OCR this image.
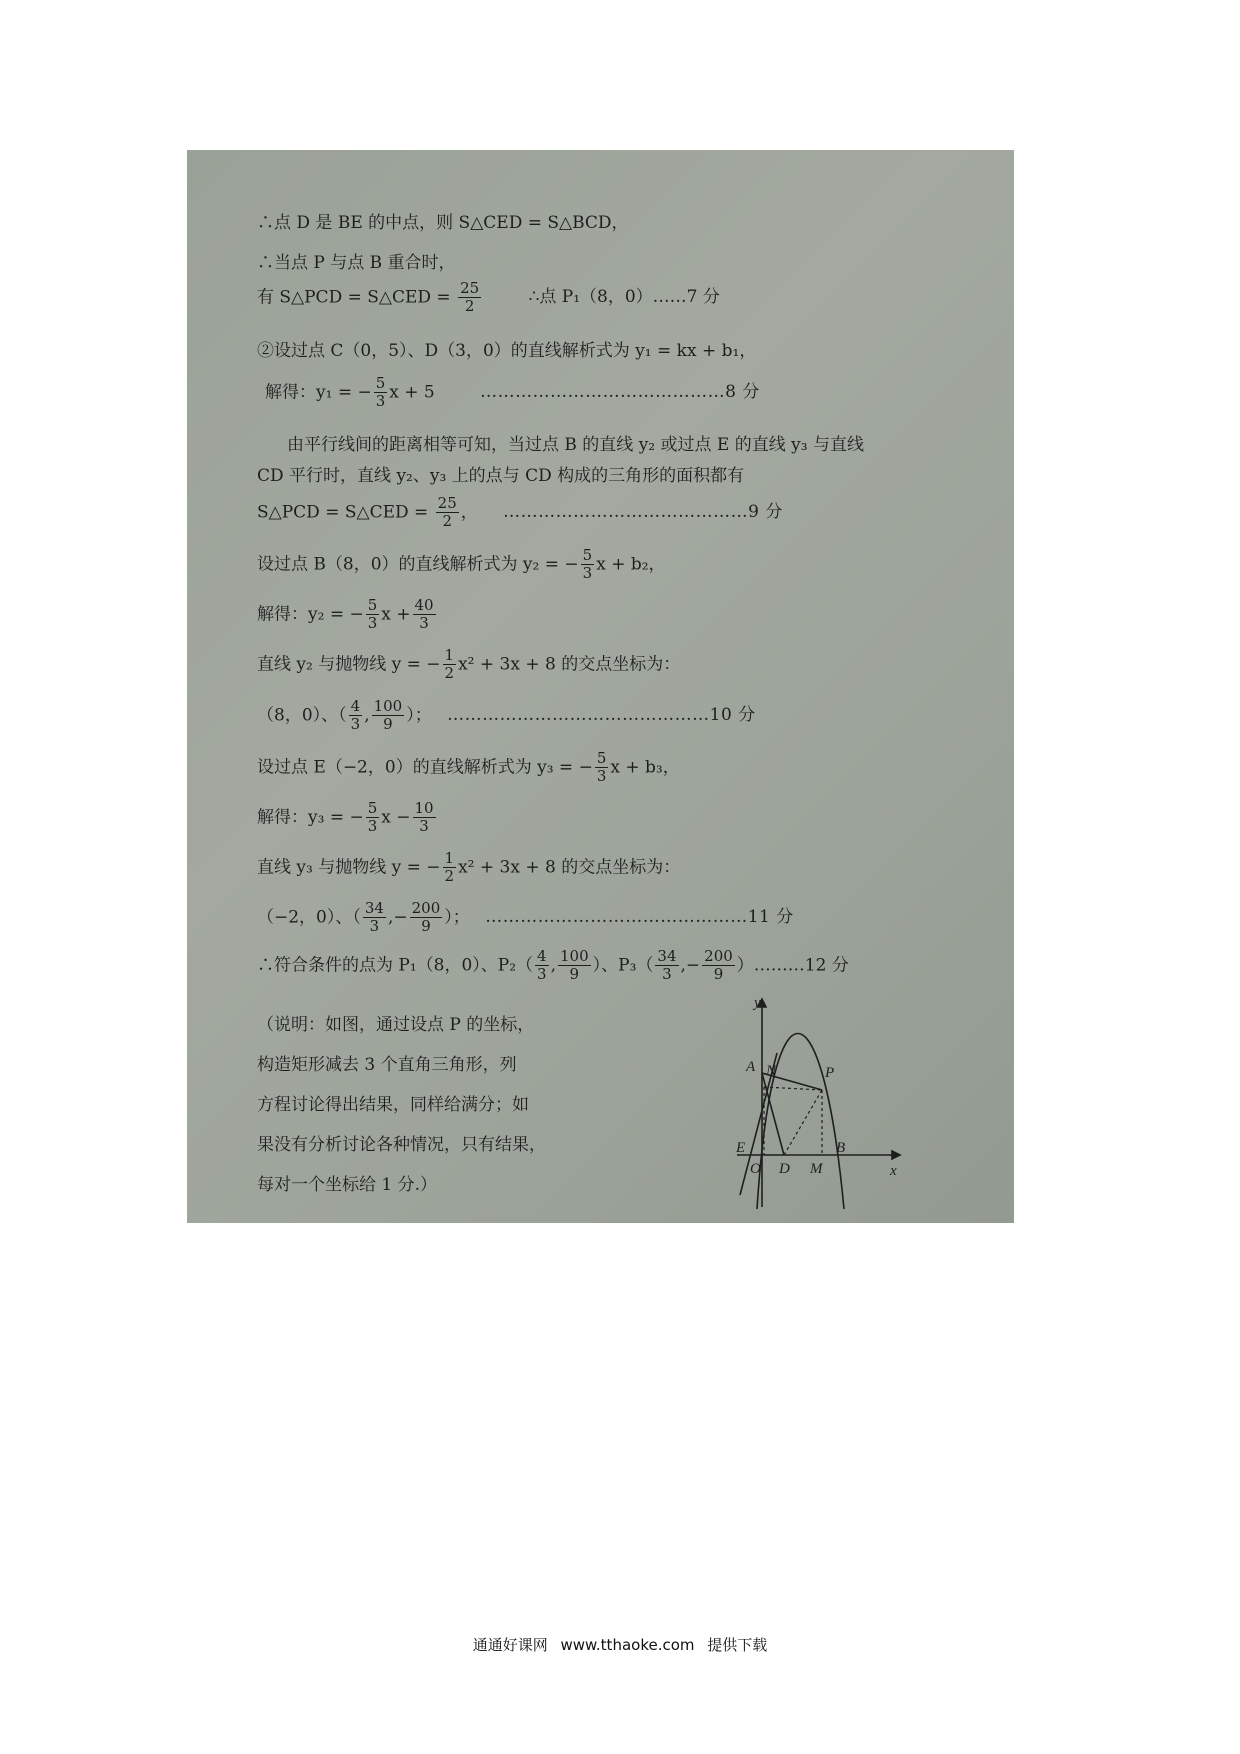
∴点 D 是 BE 的中点，则 S△CED = S△BCD，
∴当点 P 与点 B 重合时，
有 S△PCD = S△CED = $\frac{25}{2}$	∴点 P₁（8，0）……7 分
②设过点 C（0，5）、D（3，0）的直线解析式为 y₁ = kx + b₁，
解得：y₁ = − $\frac{5}{3}$ x + 5	……………………………………8 分
由平行线间的距离相等可知，当过点 B 的直线 y₂ 或过点 E 的直线 y₃ 与直线
CD 平行时，直线 y₂、y₃ 上的点与 CD 构成的三角形的面积都有
S△PCD = S△CED = $\frac{25}{2}$ ， ……………………………………9 分
设过点 B（8，0）的直线解析式为 y₂ = − $\frac{5}{3}$ x + b₂，
解得：y₂ = − $\frac{5}{3}$ $x + \frac{40}{3}$
直线 y₂ 与抛物线 y = − $\frac{1}{2} x^2 + 3x + 8$ 的交点坐标为：
（8，0）、（ $\frac{4}{3}$ , $\frac{100}{9}$ ）； ………………………………………10 分
设过点 E（−2，0）的直线解析式为 y₃ = − $\frac{5}{3}$ x + b₃，
解得：y₃ = − $\frac{5}{3}$ $x - \frac{10}{3}$
直线 y₃ 与抛物线 y = − $\frac{1}{2} x^2 + 3x + 8$ 的交点坐标为：
（−2，0）、（ $\frac{34}{3}$ ,− $\frac{200}{9}$ ）； ………………………………………11 分
∴符合条件的点为 P₁（8，0）、$P_2( \frac{4}{3}$ , $\frac{100}{9}$ ）、$P_3( \frac{34}{3}$ ,− $\frac{200}{9}$ ）………12 分
（说明：如图，通过设点 P 的坐标，
构造矩形减去 3 个直角三角形，列
方程讨论得出结果，同样给满分；如
果没有分析讨论各种情况，只有结果，
每对一个坐标给 1 分.）
y
x
A N	P
E
O D M
B
通通好课网 www.tthaoke.com 提供下载
